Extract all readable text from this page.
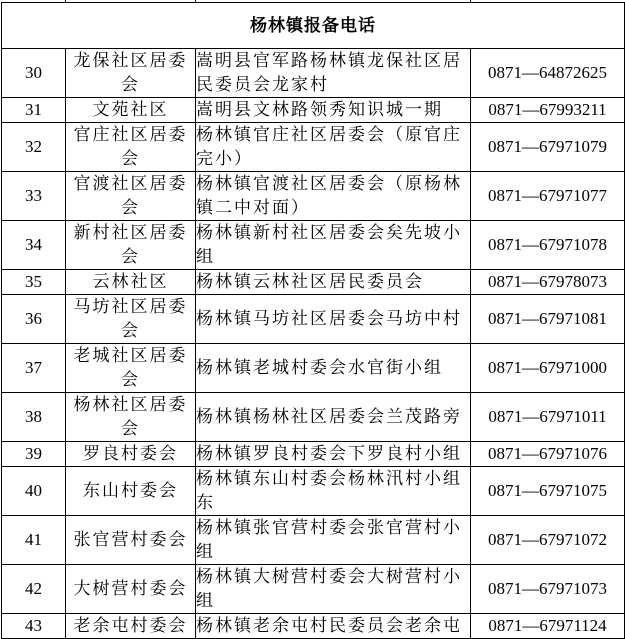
杨林镇报备电话			
30	龙保社区居委会	嵩明县官军路杨林镇龙保社区居民委员会龙家村	0871—64872625
31	文苑社区	嵩明县文林路领秀知识城一期	0871—67993211
32	官庄社区居委会	杨林镇官庄社区居委会（原官庄完小）	0871—67971079
33	官渡社区居委会	杨林镇官渡社区居委会（原杨林镇二中对面）	0871—67971077
34	新村社区居委会	杨林镇新村社区居委会矣先坡小组	0871—67971078
35	云林社区	杨林镇云林社区居民委员会	0871—67978073
36	马坊社区居委会	杨林镇马坊社区居委会马坊中村	0871—67971081
37	老城社区居委会	杨林镇老城村委会水官街小组	0871—67971000
38	杨林社区居委会	杨林镇杨林社区居委会兰茂路旁	0871—67971011
39	罗良村委会	杨林镇罗良村委会下罗良村小组	0871—67971076
40	东山村委会	杨林镇东山村委会杨林汛村小组东	0871—67971075
41	张官营村委会	杨林镇张官营村委会张官营村小组	0871—67971072
42	大树营村委会	杨林镇大树营村委会大树营村小组	0871—67971073
43	老余屯村委会	杨林镇老余屯村民委员会老余屯	0871—67971124
